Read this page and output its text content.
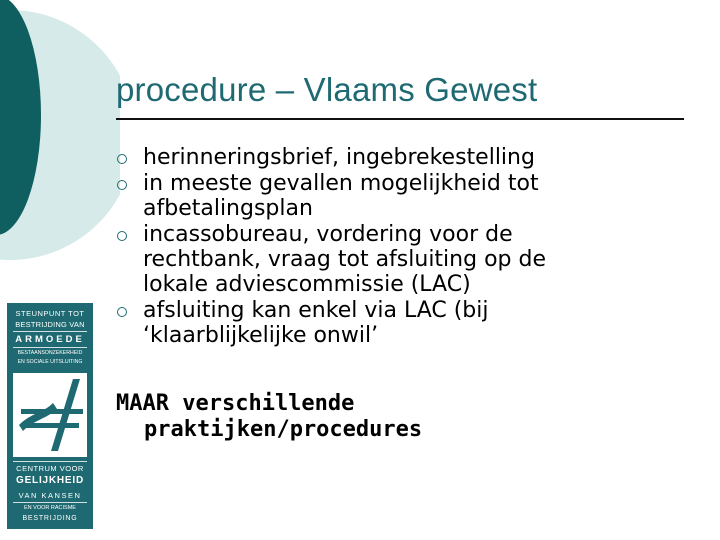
procedure – Vlaams Gewest
herinneringsbrief, ingebrekestelling
in meeste gevallen mogelijkheid tot afbetalingsplan
incassobureau, vordering voor de rechtbank, vraag tot afsluiting op de lokale adviescommissie (LAC)
afsluiting kan enkel via LAC (bij ‘klaarblijkelijke onwil’
MAAR verschillende
praktijken/procedures
STEUNPUNT TOT
BESTRIJDING VAN
ARMOEDE
BESTAANSONZEKERHEID
EN SOCIALE UITSLUITING
CENTRUM VOOR
GELIJKHEID
VAN KANSEN
EN VOOR RACISME
BESTRIJDING
